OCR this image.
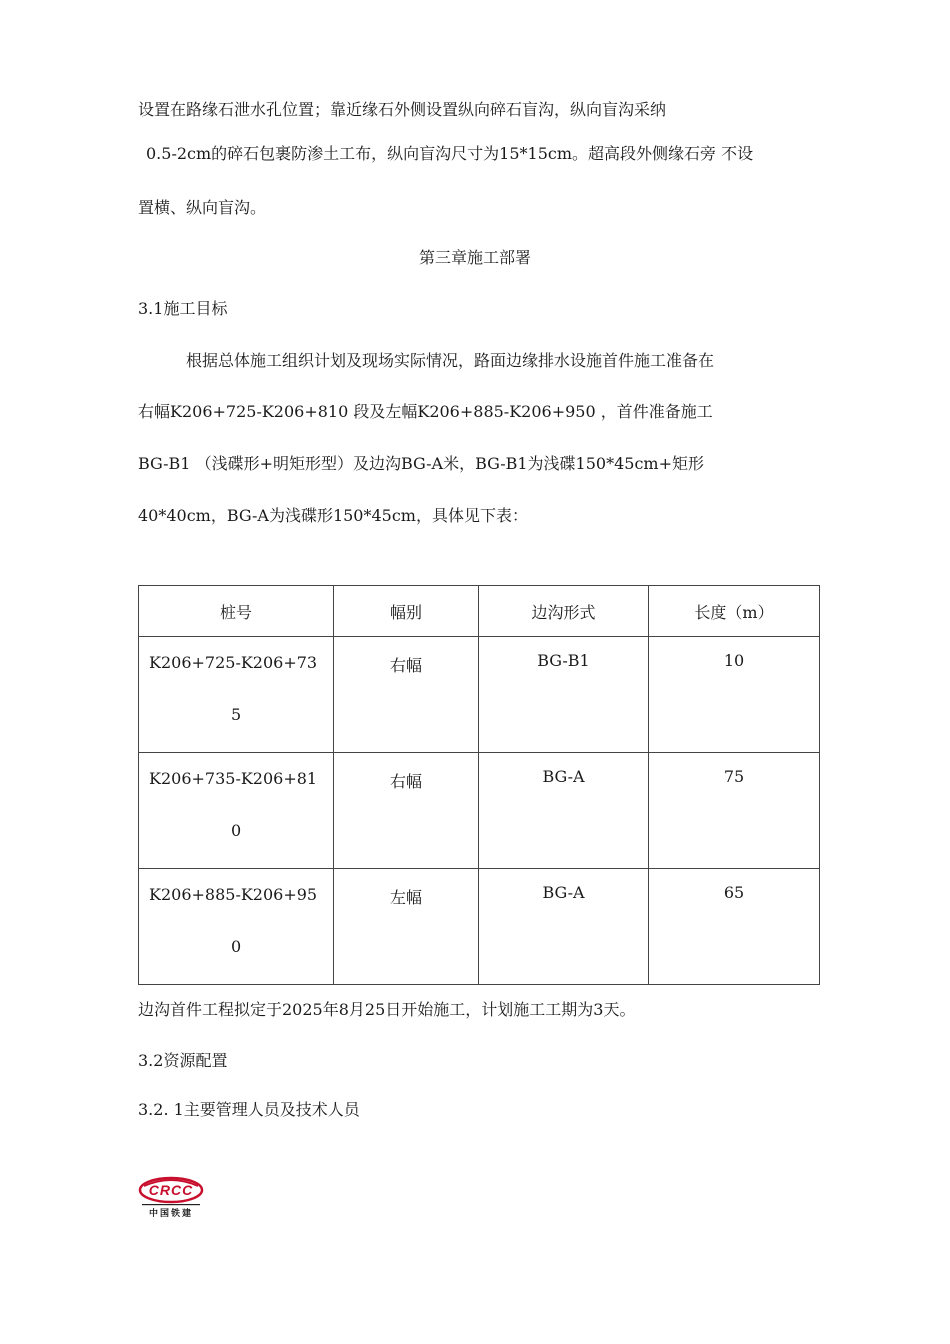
设置在路缘石泄水孔位置；靠近缘石外侧设置纵向碎石盲沟，纵向盲沟采纳
0.5-2cm的碎石包裹防渗土工布，纵向盲沟尺寸为15*15cm。超高段外侧缘石旁 不设
置横、纵向盲沟。
第三章施工部署
3.1施工目标
根据总体施工组织计划及现场实际情况，路面边缘排水设施首件施工准备在
右幅K206+725-K206+810 段及左幅K206+885-K206+950 ，首件准备施工
BG-B1 （浅碟形+明矩形型）及边沟BG-A米，BG-B1为浅碟150*45cm+矩形
40*40cm，BG-A为浅碟形150*45cm，具体见下表：
桩号	幅别	边沟形式	长度（m）

K206+725-K206+73
5	右幅	BG-B1	10

K206+735-K206+81
0	右幅	BG-A	75

K206+885-K206+95
0	左幅	BG-A	65
边沟首件工程拟定于2025年8月25日开始施工，计划施工工期为3天。
3.2资源配置
3.2. 1主要管理人员及技术人员
CRCC
中国铁建
